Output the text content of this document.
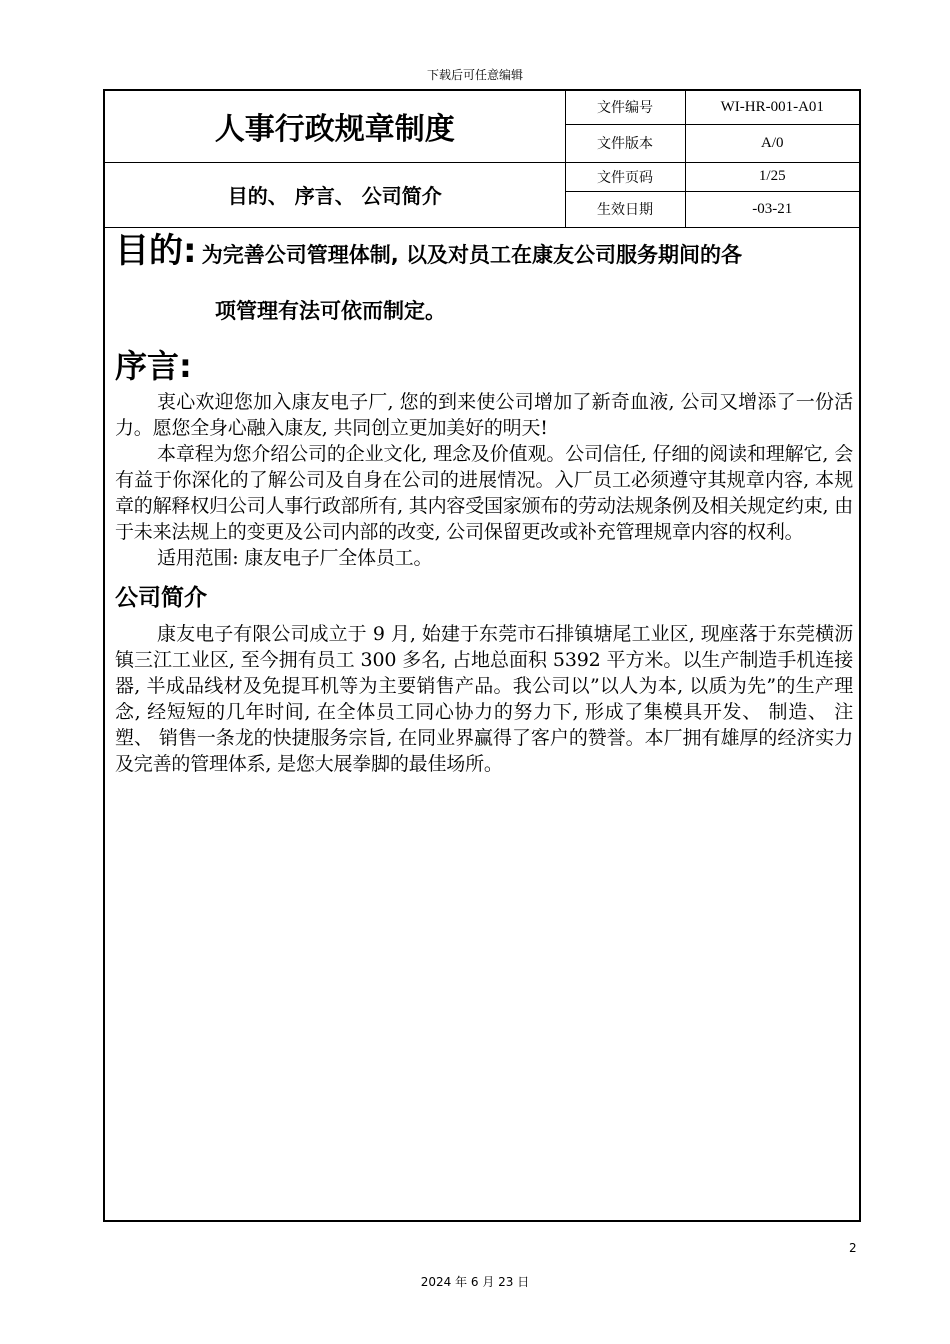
下载后可任意编辑
人事行政规章制度	文件编号	WI-HR-001-A01
	文件版本	A/0
目的、 序言、 公司简介	文件页码	1/25
	生效日期	-03-21

目的: 为完善公司管理体制, 以及对员工在康友公司服务期间的各
项管理有法可依而制定。

序言:

衷心欢迎您加入康友电子厂, 您的到来使公司增加了新奇血液, 公司又增添了一份活力。愿您全身心融入康友, 共同创立更加美好的明天!

本章程为您介绍公司的企业文化, 理念及价值观。公司信任, 仔细的阅读和理解它, 会有益于你深化的了解公司及自身在公司的进展情况。入厂员工必须遵守其规章内容, 本规章的解释权归公司人事行政部所有, 其内容受国家颁布的劳动法规条例及相关规定约束, 由于未来法规上的变更及公司内部的改变, 公司保留更改或补充管理规章内容的权利。

适用范围: 康友电子厂全体员工。

公司简介

康友电子有限公司成立于 9 月, 始建于东莞市石排镇塘尾工业区, 现座落于东莞横沥镇三江工业区, 至今拥有员工 300 多名, 占地总面积 5392 平方米。以生产制造手机连接器, 半成品线材及免提耳机等为主要销售产品。我公司以”以人为本, 以质为先”的生产理念, 经短短的几年时间, 在全体员工同心协力的努力下, 形成了集模具开发、 制造、 注塑、 销售一条龙的快捷服务宗旨, 在同业界赢得了客户的赞誉。本厂拥有雄厚的经济实力及完善的管理体系, 是您大展拳脚的最佳场所。

2
2024 年 6 月 23 日
